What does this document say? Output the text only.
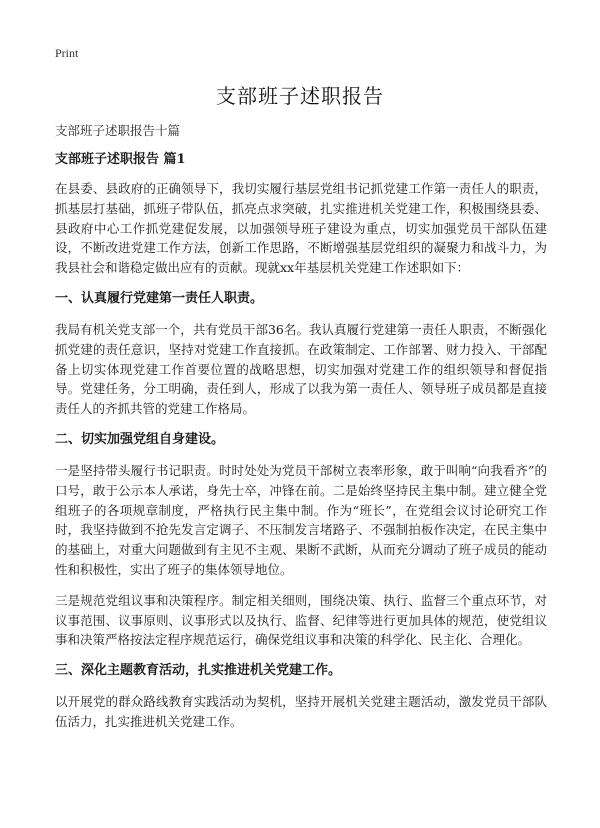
Print
支部班子述职报告
支部班子述职报告十篇
支部班子述职报告 篇1

在县委、县政府的正确领导下，我切实履行基层党组书记抓党建工作第一责任人的职责，抓基层打基础，抓班子带队伍，抓亮点求突破，扎实推进机关党建工作，积极围绕县委、县政府中心工作抓党建促发展，以加强领导班子建设为重点，切实加强党员干部队伍建设，不断改进党建工作方法，创新工作思路，不断增强基层党组织的凝聚力和战斗力，为我县社会和谐稳定做出应有的贡献。现就xx年基层机关党建工作述职如下：

一、认真履行党建第一责任人职责。

我局有机关党支部一个，共有党员干部36名。我认真履行党建第一责任人职责，不断强化抓党建的责任意识，坚持对党建工作直接抓。在政策制定、工作部署、财力投入、干部配备上切实体现党建工作首要位置的战略思想，切实加强对党建工作的组织领导和督促指导。党建任务，分工明确，责任到人，形成了以我为第一责任人、领导班子成员都是直接责任人的齐抓共管的党建工作格局。

二、切实加强党组自身建设。

一是坚持带头履行书记职责。时时处处为党员干部树立表率形象，敢于叫响“向我看齐”的口号，敢于公示本人承诺，身先士卒，冲锋在前。二是始终坚持民主集中制。建立健全党组班子的各项规章制度，严格执行民主集中制。作为“班长”，在党组会议讨论研究工作时，我坚持做到不抢先发言定调子、不压制发言堵路子、不强制拍板作决定，在民主集中的基础上，对重大问题做到有主见不主观、果断不武断，从而充分调动了班子成员的能动性和积极性，实出了班子的集体领导地位。

三是规范党组议事和决策程序。制定相关细则，围绕决策、执行、监督三个重点环节，对议事范围、议事原则、议事形式以及执行、监督、纪律等进行更加具体的规范，使党组议事和决策严格按法定程序规范运行，确保党组议事和决策的科学化、民主化、合理化。

三、深化主题教育活动，扎实推进机关党建工作。

以开展党的群众路线教育实践活动为契机，坚持开展机关党建主题活动，激发党员干部队伍活力，扎实推进机关党建工作。
